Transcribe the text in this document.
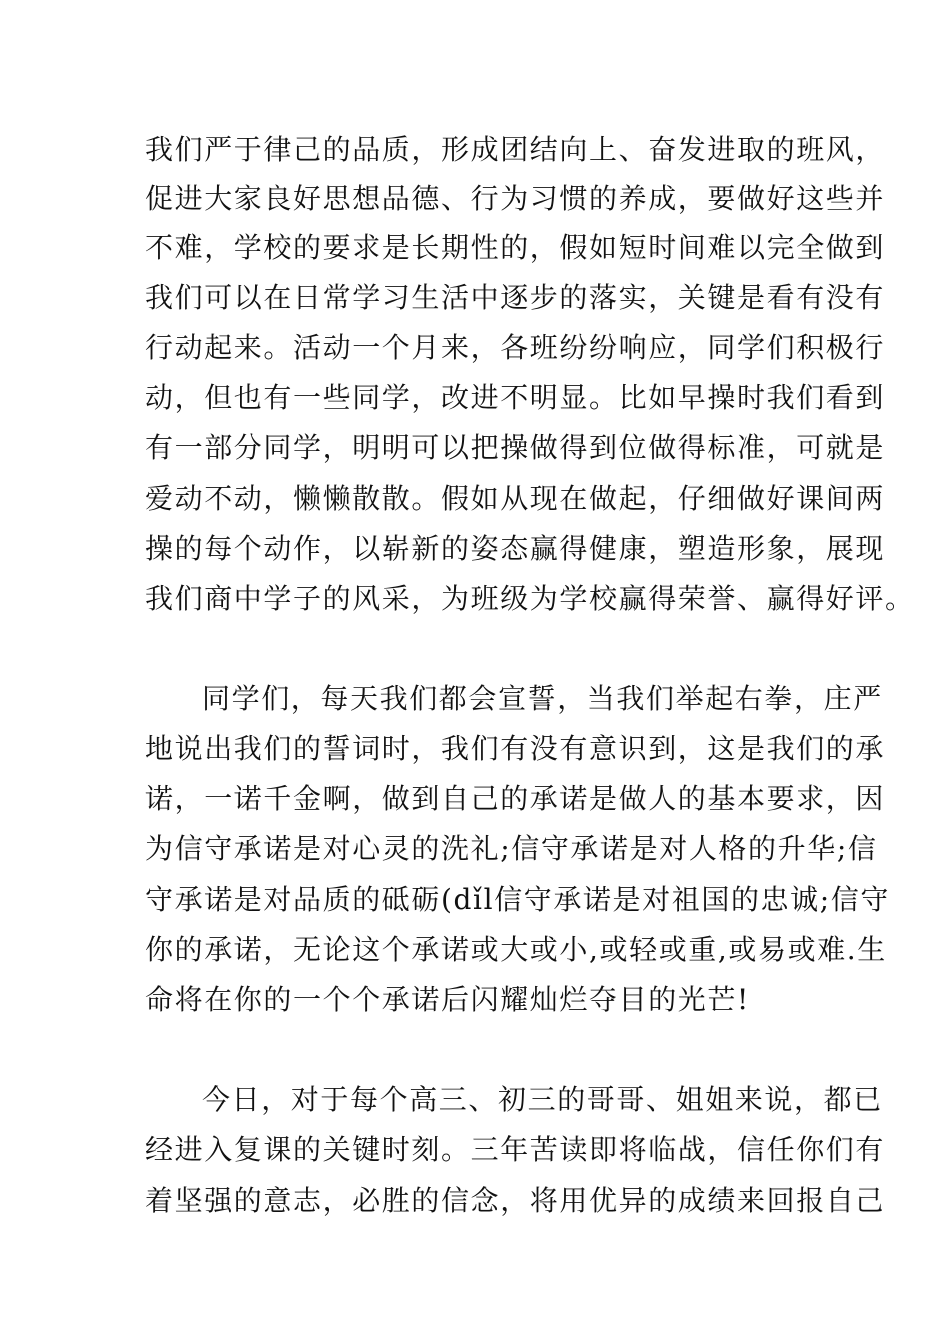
我们严于律己的品质，形成团结向上、奋发进取的班风，
促进大家良好思想品德、行为习惯的养成，要做好这些并
不难，学校的要求是长期性的，假如短时间难以完全做到
我们可以在日常学习生活中逐步的落实，关键是看有没有
行动起来。活动一个月来，各班纷纷响应，同学们积极行
动，但也有一些同学，改进不明显。比如早操时我们看到
有一部分同学，明明可以把操做得到位做得标准，可就是
爱动不动，懒懒散散。假如从现在做起，仔细做好课间两
操的每个动作，以崭新的姿态赢得健康，塑造形象，展现
我们商中学子的风采，为班级为学校赢得荣誉、赢得好评。
同学们，每天我们都会宣誓，当我们举起右拳，庄严
地说出我们的誓词时，我们有没有意识到，这是我们的承
诺，一诺千金啊，做到自己的承诺是做人的基本要求，因
为信守承诺是对心灵的洗礼;信守承诺是对人格的升华;信
守承诺是对品质的砥砺(dǐl信守承诺是对祖国的忠诚;信守
你的承诺，无论这个承诺或大或小,或轻或重,或易或难.生
命将在你的一个个承诺后闪耀灿烂夺目的光芒!
今日，对于每个高三、初三的哥哥、姐姐来说，都已
经进入复课的关键时刻。三年苦读即将临战，信任你们有
着坚强的意志，必胜的信念，将用优异的成绩来回报自己
